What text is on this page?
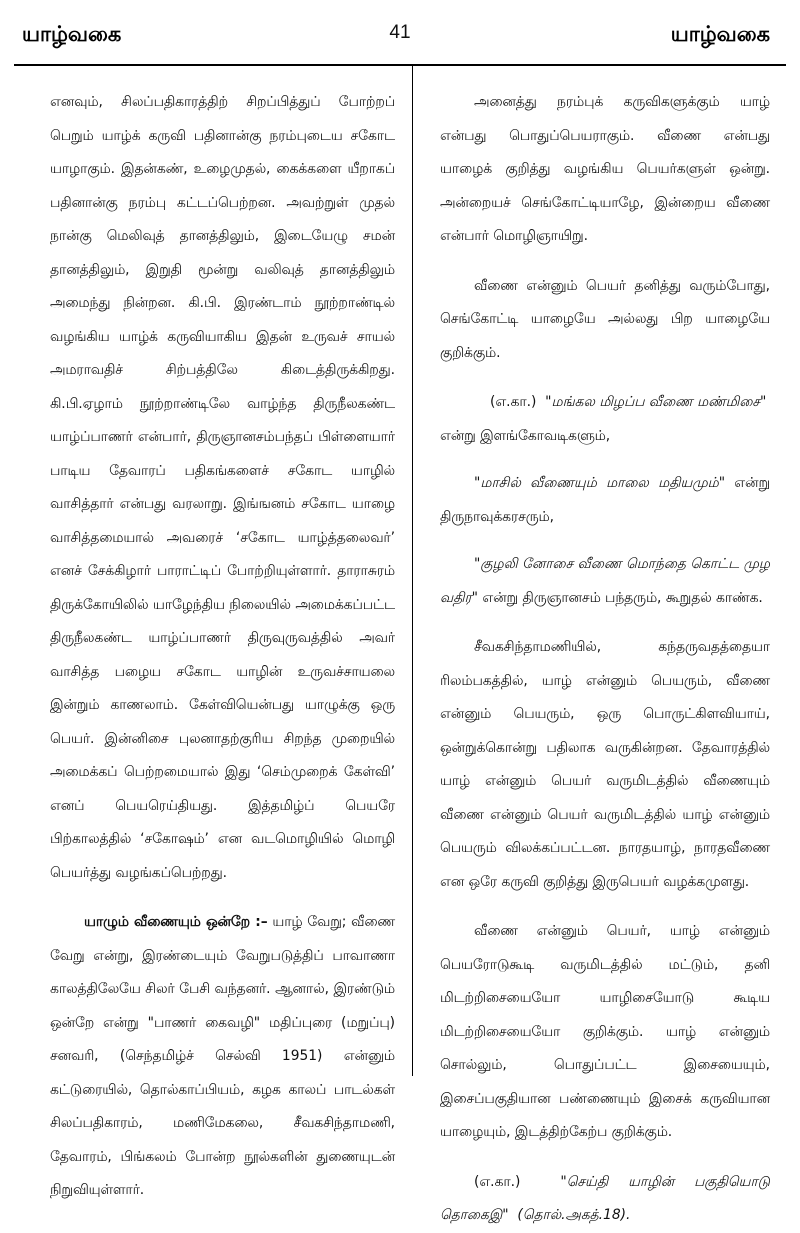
யாழ்வகை	41	யாழ்வகை

எனவும், சிலப்பதிகாரத்திற் சிறப்பித்துப் போற்றப் பெறும் யாழ்க் கருவி பதினான்கு நரம்புடைய சகோட யாழாகும். இதன்கண், உழைமுதல், கைக்களை யீறாகப் பதினான்கு நரம்பு கட்டப்பெற்றன. அவற்றுள் முதல் நான்கு மெலிவுத் தானத்திலும், இடையேழு சமன் தானத்திலும், இறுதி மூன்று வலிவுத் தானத்திலும் அமைந்து நின்றன. கி.பி. இரண்டாம் நூற்றாண்டில் வழங்கிய யாழ்க் கருவியாகிய இதன் உருவச் சாயல் அமராவதிச் சிற்பத்திலே கிடைத்திருக்கிறது. கி.பி.ஏழாம் நூற்றாண்டிலே வாழ்ந்த திருநீலகண்ட யாழ்ப்பாணர் என்பார், திருஞானசம்பந்தப் பிள்ளையார் பாடிய தேவாரப் பதிகங்களைச் சகோட யாழில் வாசித்தார் என்பது வரலாறு. இங்ஙனம் சகோட யாழை வாசித்தமையால் அவரைச் ‘சகோட யாழ்த்தலைவர்’ எனச் சேக்கிழார் பாராட்டிப் போற்றியுள்ளார். தாராசுரம் திருக்கோயிலில் யாழேந்திய நிலையில் அமைக்கப்பட்ட திருநீலகண்ட யாழ்ப்பாணர் திருவுருவத்தில் அவர் வாசித்த பழைய சகோட யாழின் உருவச்சாயலை இன்றும் காணலாம். கேள்வியென்பது யாழுக்கு ஒரு பெயர். இன்னிசை புலனாதற்குரிய சிறந்த முறையில் அமைக்கப் பெற்றமையால் இது ‘செம்முறைக் கேள்வி’ எனப் பெயரெய்தியது. இத்தமிழ்ப் பெயரே பிற்காலத்தில் ‘சகோஷம்’ என வடமொழியில் மொழி பெயர்த்து வழங்கப்பெற்றது.

யாழும் வீணையும் ஒன்றே :– யாழ் வேறு; வீணை வேறு என்று, இரண்டையும் வேறுபடுத்திப் பாவாணா காலத்திலேயே சிலர் பேசி வந்தனர். ஆனால், இரண்டும் ஒன்றே என்று "பாணர் கைவழி" மதிப்புரை (மறுப்பு) சனவரி, (செந்தமிழ்ச் செல்வி 1951) என்னும் கட்டுரையில், தொல்காப்பியம், கழக காலப் பாடல்கள் சிலப்பதிகாரம், மணிமேகலை, சீவகசிந்தாமணி, தேவாரம், பிங்கலம் போன்ற நூல்களின் துணையுடன் நிறுவியுள்ளார்.

அனைத்து நரம்புக் கருவிகளுக்கும் யாழ் என்பது பொதுப்பெயராகும். வீணை என்பது யாழைக் குறித்து வழங்கிய பெயர்களுள் ஒன்று. அன்றையச் செங்கோட்டியாழே, இன்றைய வீணை என்பார் மொழிஞாயிறு.

வீணை என்னும் பெயர் தனித்து வரும்போது, செங்கோட்டி யாழையே அல்லது பிற யாழையே குறிக்கும்.

(எ.கா.) "மங்கல மிழப்ப வீணை மண்மிசை"
என்று இளங்கோவடிகளும்,

"மாசில் வீணையும் மாலை மதியமும்" என்று திருநாவுக்கரசரும்,

"குழலி னோசை வீணை மொந்தை கொட்ட முழ வதிர" என்று திருஞானசம் பந்தரும், கூறுதல் காண்க.

சீவகசிந்தாமணியில், கந்தருவதத்தையா ரிலம்பகத்தில், யாழ் என்னும் பெயரும், வீணை என்னும் பெயரும், ஒரு பொருட்கிளவியாய், ஒன்றுக்கொன்று பதிலாக வருகின்றன. தேவாரத்தில் யாழ் என்னும் பெயர் வருமிடத்தில் வீணையும் வீணை என்னும் பெயர் வருமிடத்தில் யாழ் என்னும் பெயரும் விலக்கப்பட்டன. நாரதயாழ், நாரதவீணை என ஒரே கருவி குறித்து இருபெயர் வழக்கமுளது.

வீணை என்னும் பெயர், யாழ் என்னும் பெயரோடுகூடி வருமிடத்தில் மட்டும், தனி மிடற்றிசையையோ யாழிசையோடு கூடிய மிடற்றிசையையோ குறிக்கும். யாழ் என்னும் சொல்லும், பொதுப்பட்ட இசையையும், இசைப்பகுதியான பண்ணையும் இசைக் கருவியான யாழையும், இடத்திற்கேற்ப குறிக்கும்.

(எ.கா.)	"செய்தி யாழின் பகுதியொடு தொகைஇ" (தொல்.அகத்.18).
